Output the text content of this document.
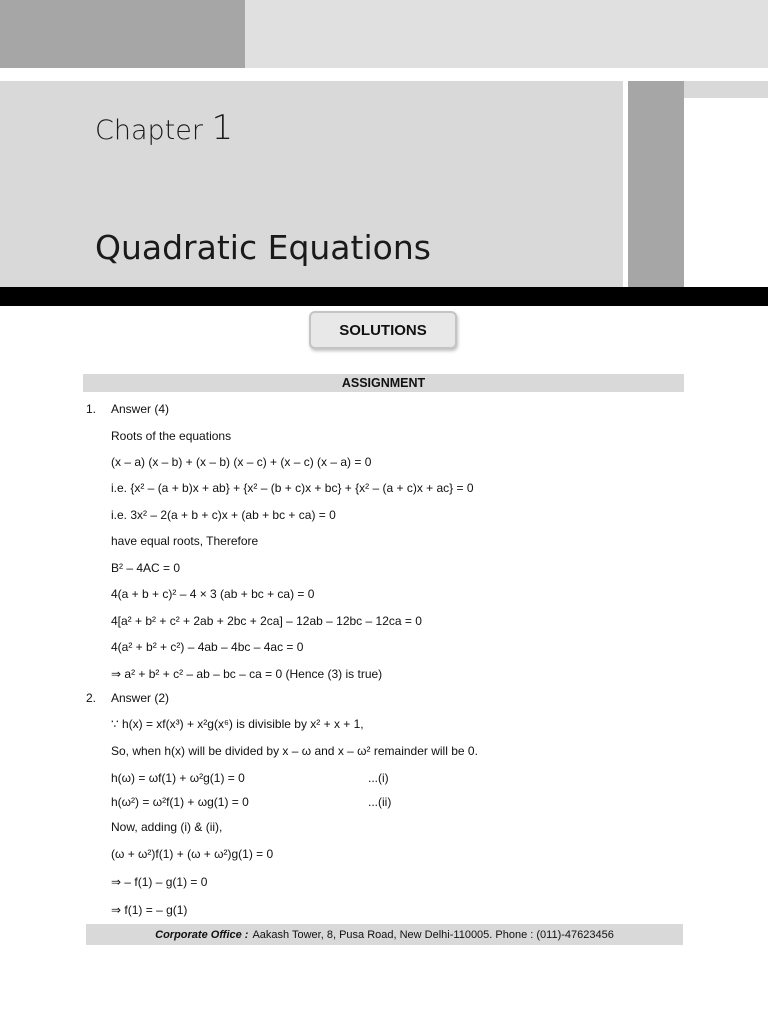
Chapter 1
Quadratic Equations
SOLUTIONS
ASSIGNMENT
1. Answer (4)
Roots of the equations
(x – a) (x – b) + (x – b) (x – c) + (x – c) (x – a) = 0
i.e. {x² – (a + b)x + ab} + {x² – (b + c)x + bc} + {x² – (a + c)x + ac} = 0
i.e. 3x² – 2(a + b + c)x + (ab + bc + ca) = 0
have equal roots, Therefore
B² – 4AC = 0
4(a + b + c)² – 4 × 3 (ab + bc + ca) = 0
4[a² + b² + c² + 2ab + 2bc + 2ca] – 12ab – 12bc – 12ca = 0
4(a² + b² + c²) – 4ab – 4bc – 4ac = 0
⇒ a² + b² + c² – ab – bc – ca = 0 (Hence (3) is true)
2. Answer (2)
∵ h(x) = xf(x³) + x²g(x⁶) is divisible by x² + x + 1,
So, when h(x) will be divided by x – ω and x – ω² remainder will be 0.
h(ω) = ωf(1) + ω²g(1) = 0	...(i)
h(ω²) = ω²f(1) + ωg(1) = 0	...(ii)
Now, adding (i) & (ii),
(ω + ω²)f(1) + (ω + ω²)g(1) = 0
⇒ – f(1) – g(1) = 0
⇒ f(1) = – g(1)
Corporate Office : Aakash Tower, 8, Pusa Road, New Delhi-110005. Phone : (011)-47623456
